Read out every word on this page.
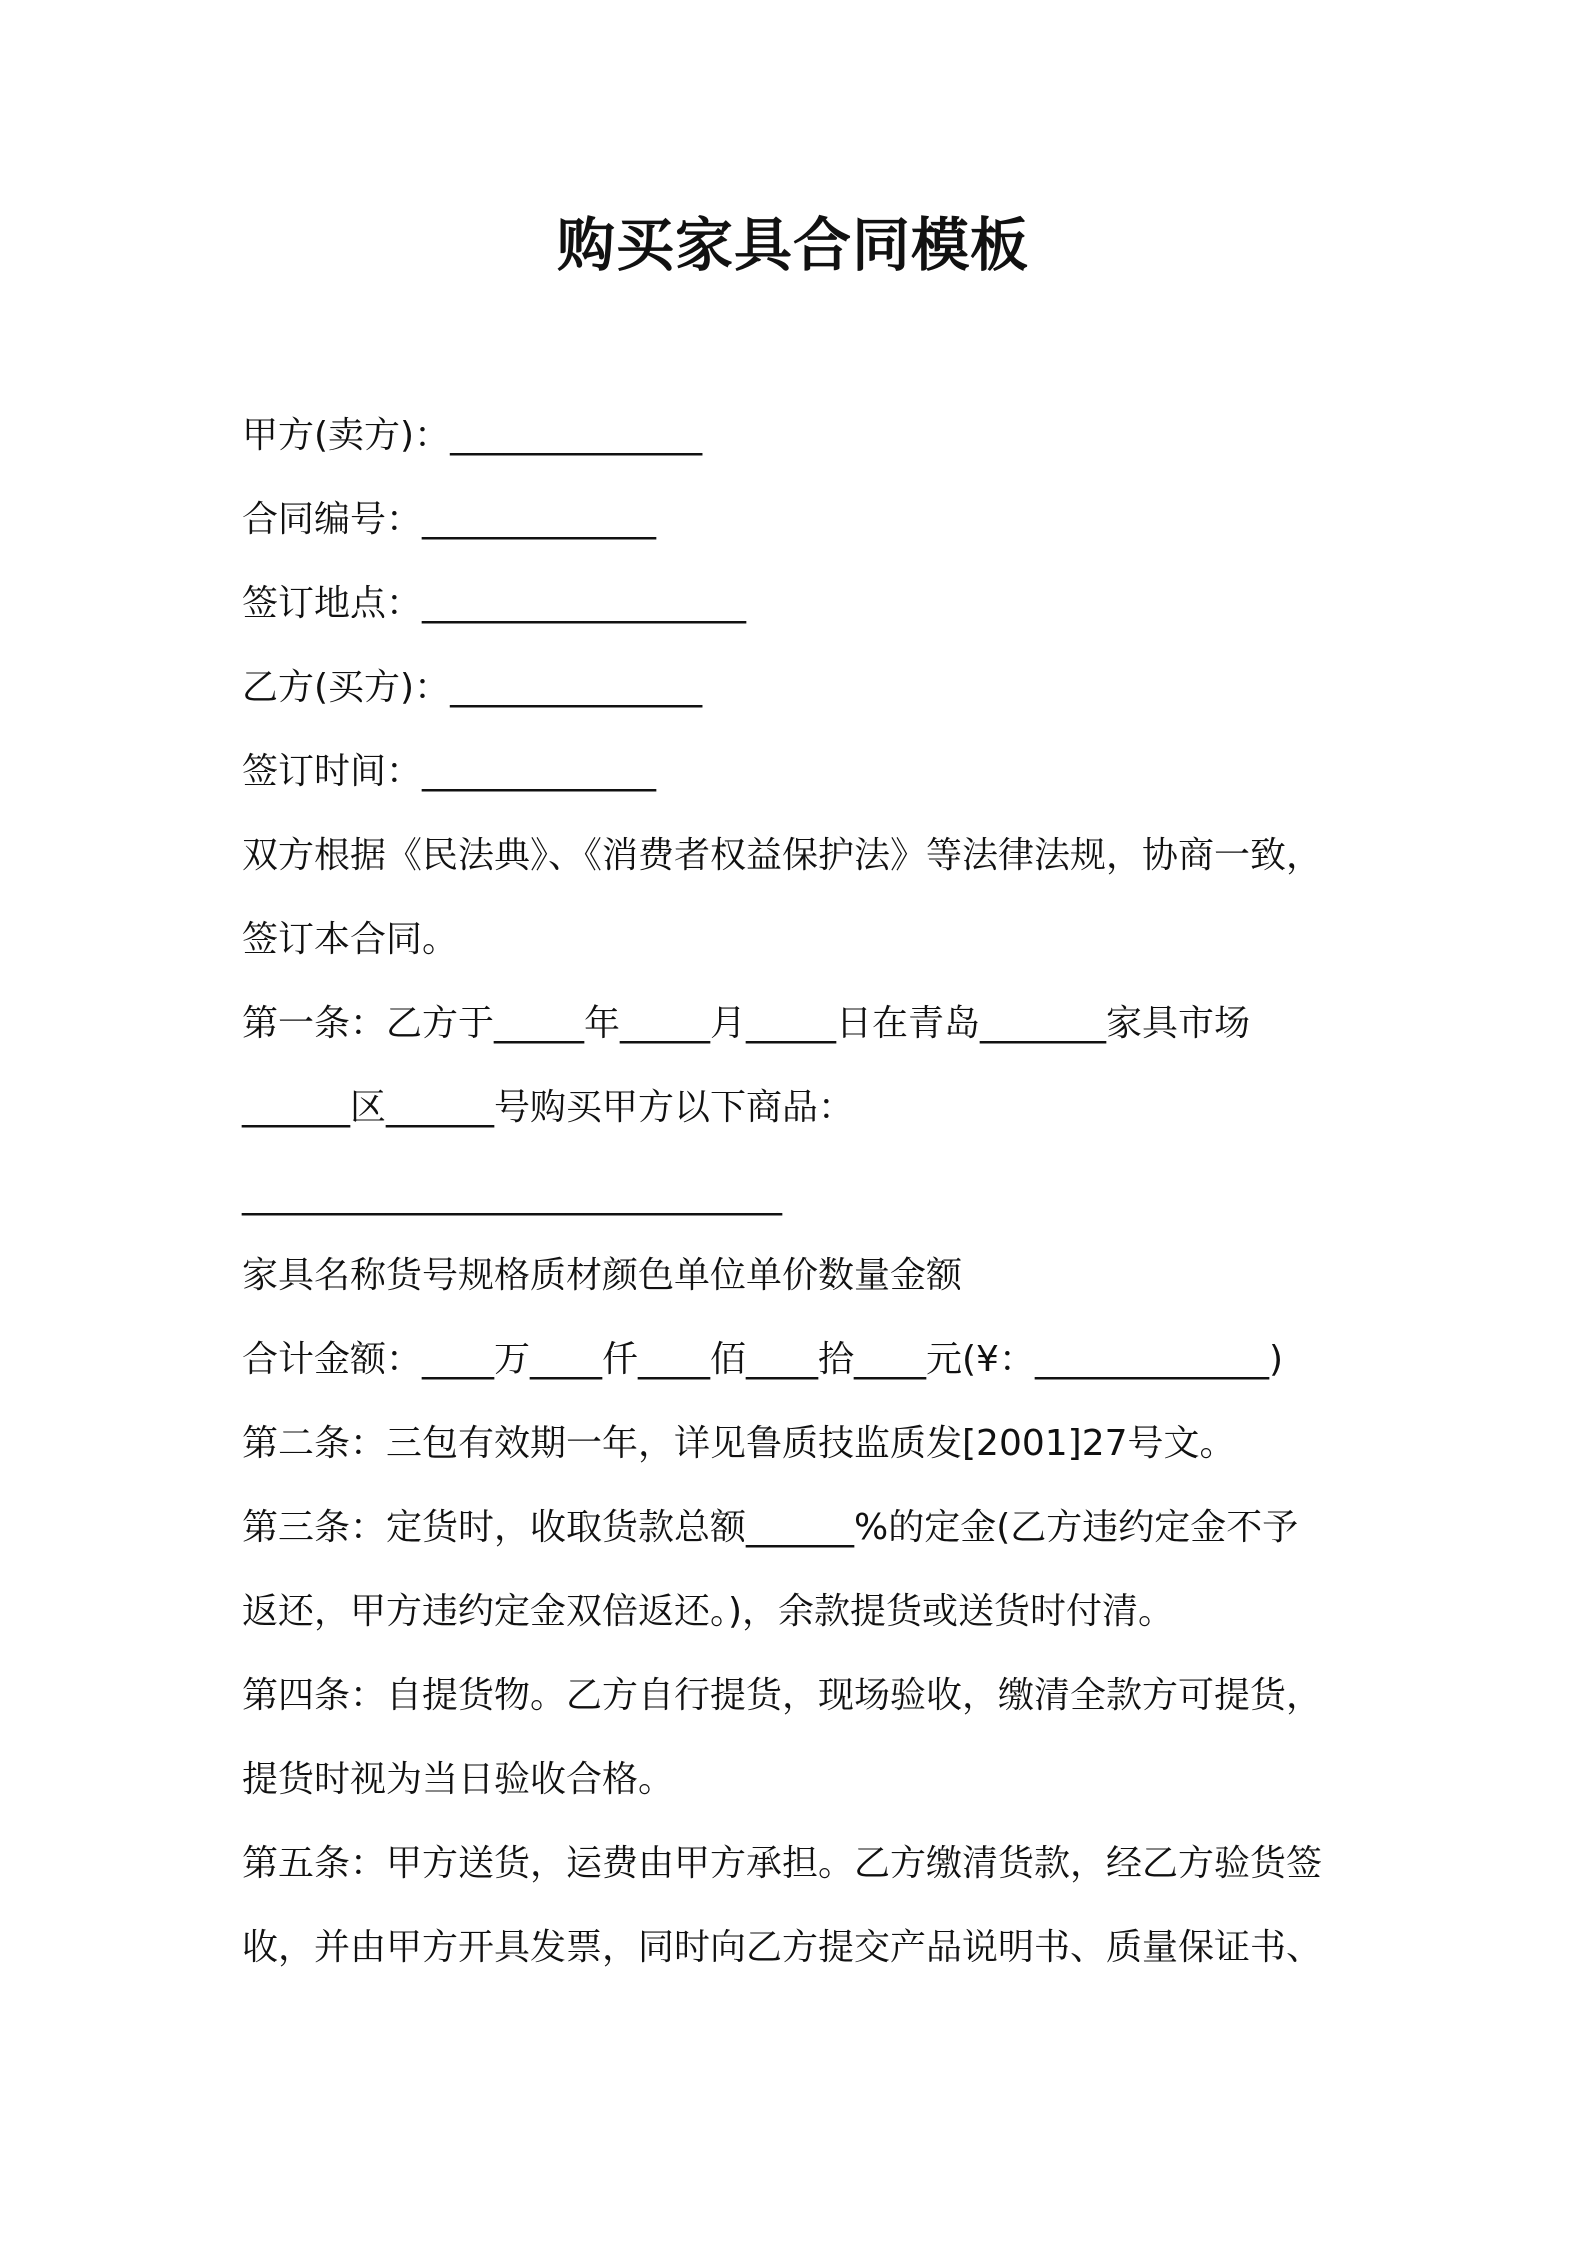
购买家具合同模板

甲方(卖方)：______________

合同编号：_____________

签订地点：__________________

乙方(买方)：______________

签订时间：_____________

双方根据《民法典》、《消费者权益保护法》等法律法规，协商一致，

签订本合同。

第一条：乙方于_____年_____月_____日在青岛_______家具市场

______区______号购买甲方以下商品：

______________________________

家具名称货号规格质材颜色单位单价数量金额

合计金额：____万____仟____佰____拾____元(¥：_____________)

第二条：三包有效期一年，详见鲁质技监质发[2001]27号文。

第三条：定货时，收取货款总额______%的定金(乙方违约定金不予

返还，甲方违约定金双倍返还。)，余款提货或送货时付清。

第四条：自提货物。乙方自行提货，现场验收，缴清全款方可提货，

提货时视为当日验收合格。

第五条：甲方送货，运费由甲方承担。乙方缴清货款，经乙方验货签

收，并由甲方开具发票，同时向乙方提交产品说明书、质量保证书、
